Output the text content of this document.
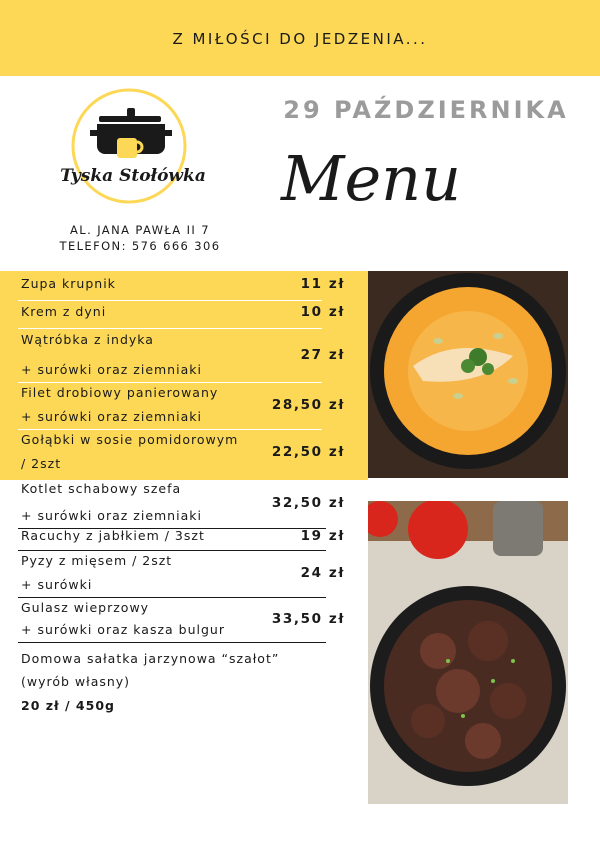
Z MIŁOŚCI DO JEDZENIA...
Tyska Stołówka
AL. JANA PAWŁA II 7
TELEFON: 576 666 306
29 PAŹDZIERNIKA
Menu
Zupa krupnik	11 zł
Krem z dyni	10 zł
Wątróbka z indyka
+ surówki oraz ziemniaki
27 zł
Filet drobiowy panierowany
+ surówki oraz ziemniaki
28,50 zł
Gołąbki w sosie pomidorowym
/ 2szt
22,50 zł
Kotlet schabowy szefa
+ surówki oraz ziemniaki
32,50 zł
Racuchy z jabłkiem / 3szt	19 zł
Pyzy z mięsem / 2szt
+ surówki
24 zł
Gulasz wieprzowy
+ surówki oraz kasza bulgur
33,50 zł
Domowa sałatka jarzynowa “szałot”
(wyrób własny)
20 zł / 450g
